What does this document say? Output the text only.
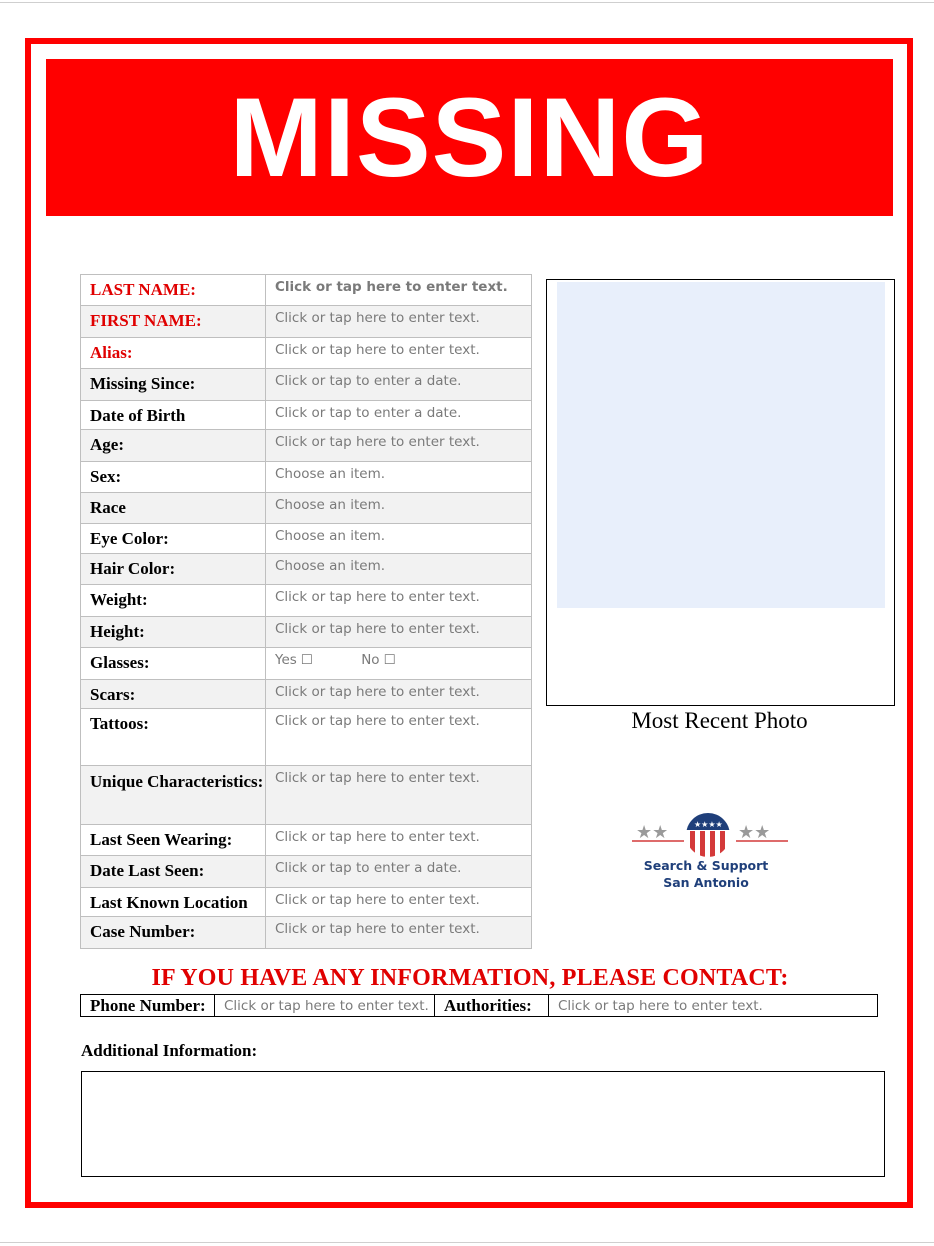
MISSING
LAST NAME:	Click or tap here to enter text.
FIRST NAME:	Click or tap here to enter text.
Alias:	Click or tap here to enter text.
Missing Since:	Click or tap to enter a date.
Date of Birth	Click or tap to enter a date.
Age:	Click or tap here to enter text.
Sex:	Choose an item.
Race	Choose an item.
Eye Color:	Choose an item.
Hair Color:	Choose an item.
Weight:	Click or tap here to enter text.
Height:	Click or tap here to enter text.
Glasses:	Yes ☐ No ☐
Scars:	Click or tap here to enter text.
Tattoos:	Click or tap here to enter text.
Unique Characteristics:	Click or tap here to enter text.
Last Seen Wearing:	Click or tap here to enter text.
Date Last Seen:	Click or tap to enter a date.
Last Known Location	Click or tap here to enter text.
Case Number:	Click or tap here to enter text.
Most Recent Photo
★★	★★
★★★★
Search & Support
San Antonio
IF YOU HAVE ANY INFORMATION, PLEASE CONTACT:
Phone Number:	Click or tap here to enter text.	Authorities:	Click or tap here to enter text.
Additional Information:
